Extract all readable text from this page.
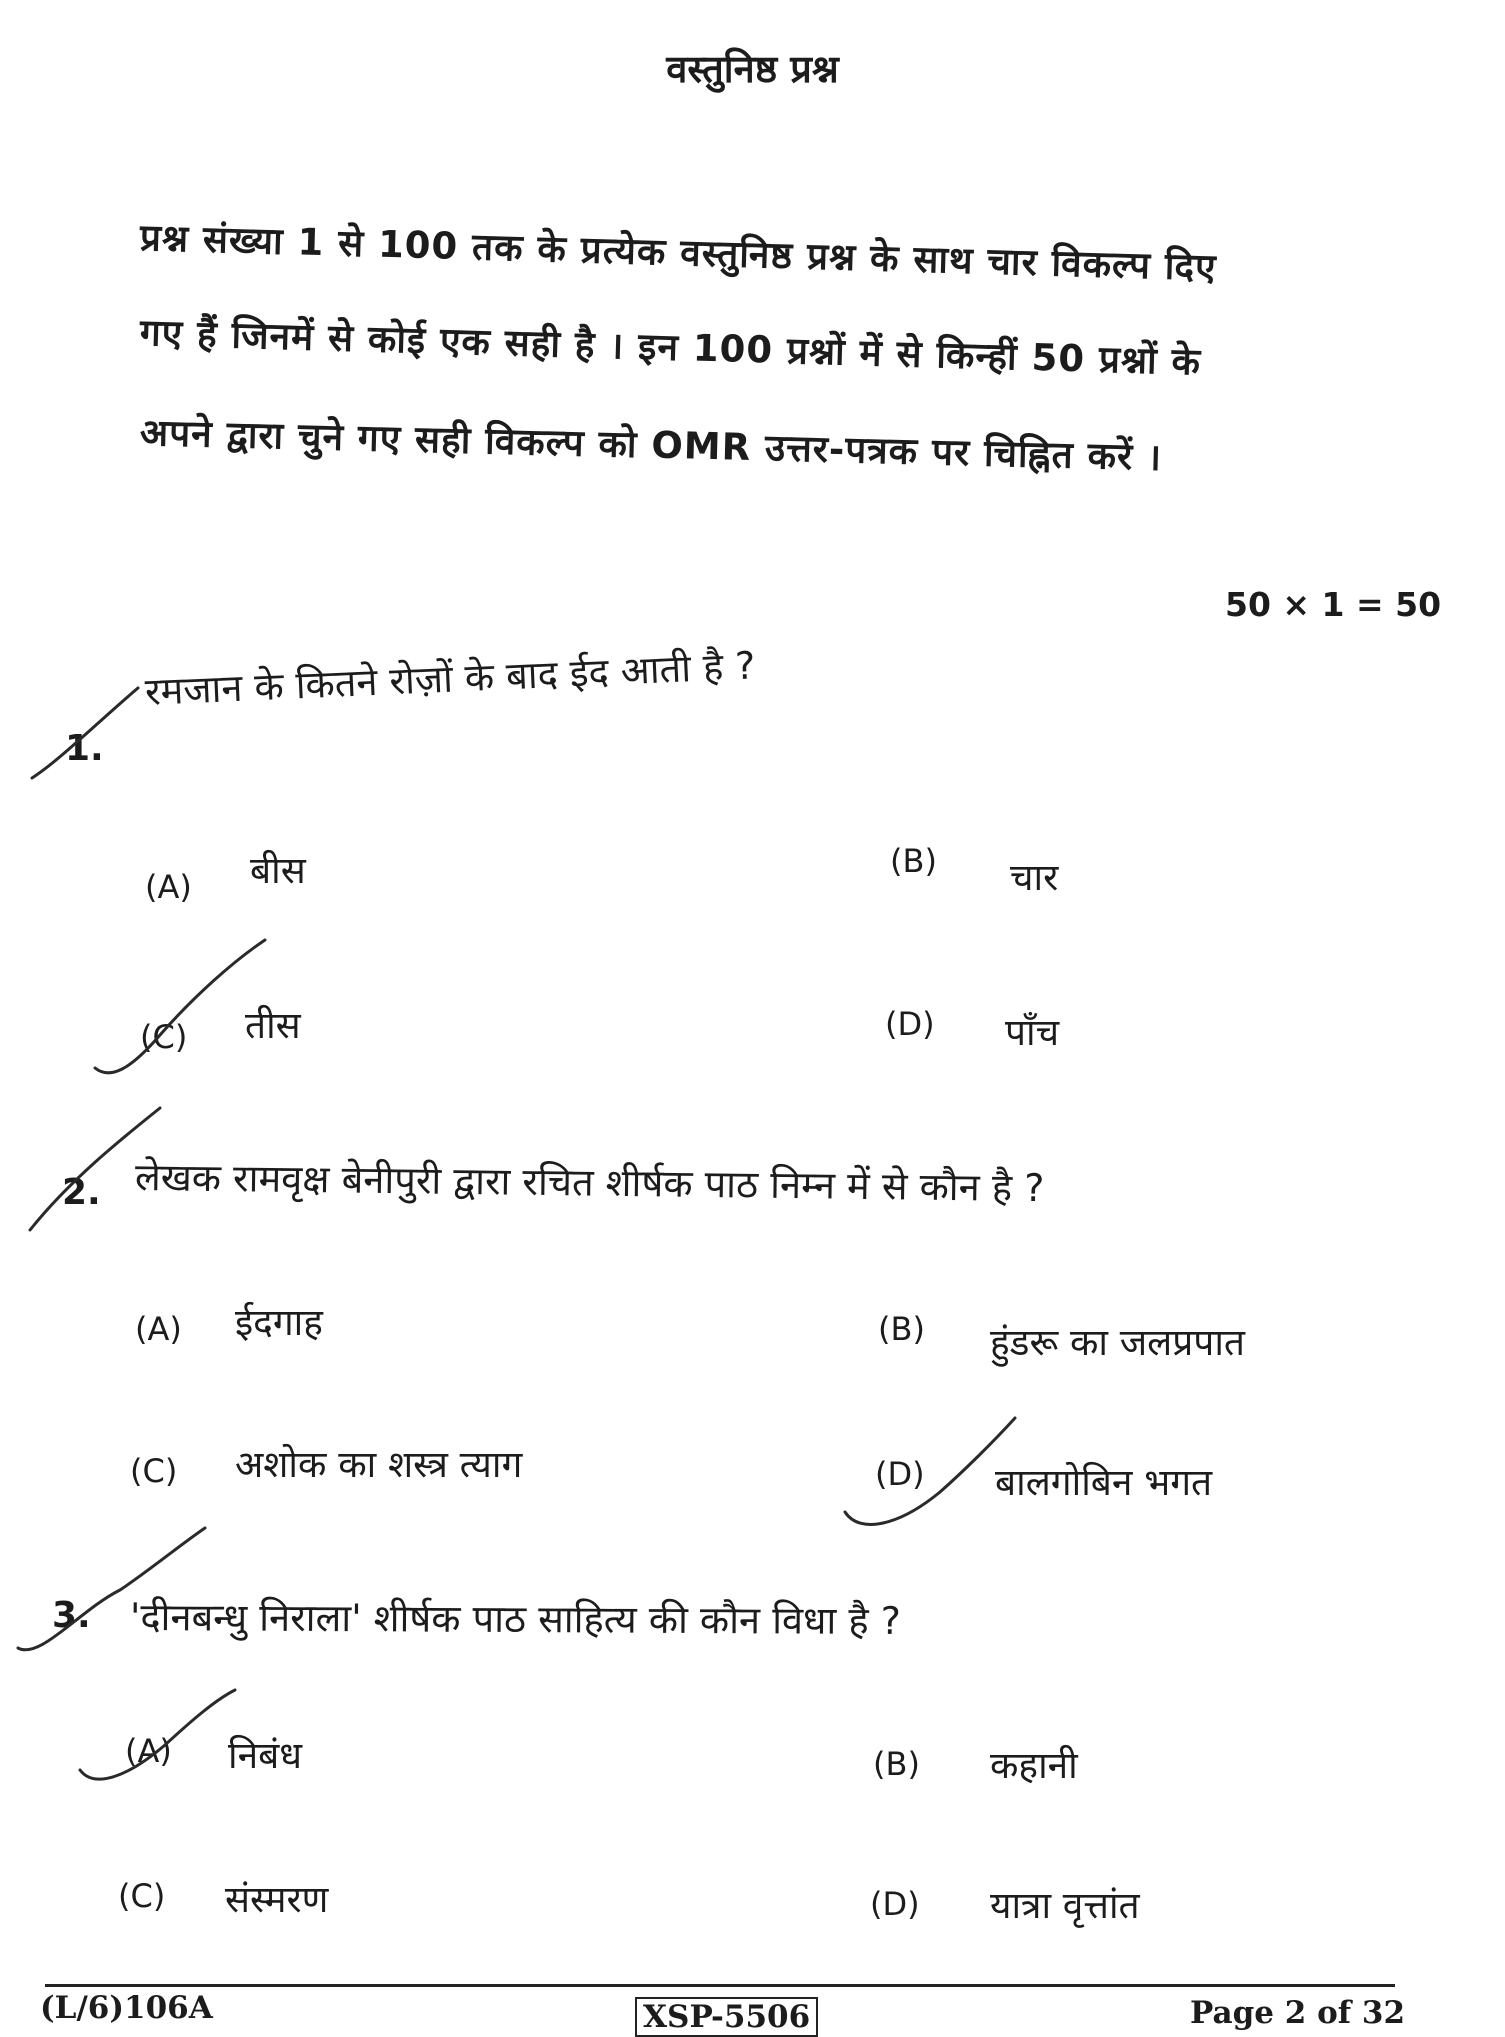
वस्तुनिष्ठ प्रश्न
प्रश्न संख्या 1 से 100 तक के प्रत्येक वस्तुनिष्ठ प्रश्न के साथ चार विकल्प दिए
गए हैं जिनमें से कोई एक सही है । इन 100 प्रश्नों में से किन्हीं 50 प्रश्नों के
अपने द्वारा चुने गए सही विकल्प को OMR उत्तर-पत्रक पर चिह्नित करें ।
50 × 1 = 50
1.
रमजान के कितने रोज़ों के बाद ईद आती है ?
(A) बीस	(B) चार
(C) तीस	(D) पाँच
2. लेखक रामवृक्ष बेनीपुरी द्वारा रचित शीर्षक पाठ निम्न में से कौन है ?
(A) ईदगाह	(B) हुंडरू का जलप्रपात
(C) अशोक का शस्त्र त्याग	(D) बालगोबिन भगत
3. 'दीनबन्धु निराला' शीर्षक पाठ साहित्य की कौन विधा है ?
(A) निबंध	(B) कहानी
(C) संस्मरण	(D) यात्रा वृत्तांत
(L/6)106A	XSP-5506	Page 2 of 32
